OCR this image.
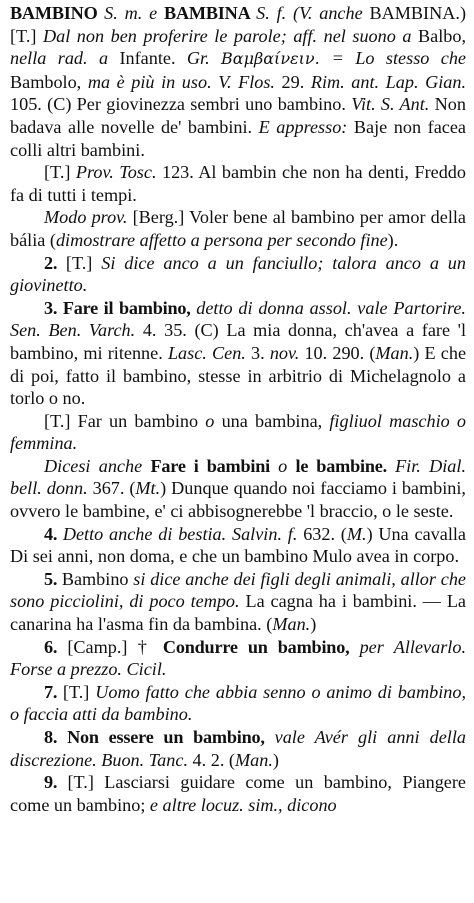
BAMBINO S. m. e BAMBINA S. f. (V. anche BAMBINA.) [T.] Dal non ben proferire le parole; aff. nel suono a Balbo, nella rad. a Infante. Gr. Βαμβαίνειν. = Lo stesso che Bambolo, ma è più in uso. V. Flos. 29. Rim. ant. Lap. Gian. 105. (C) Per giovinezza sembri uno bambino. Vit. S. Ant. Non badava alle novelle de' bambini. E appresso: Baje non facea colli altri bambini.

[T.] Prov. Tosc. 123. Al bambin che non ha denti, Freddo fa di tutti i tempi.

Modo prov. [Berg.] Voler bene al bambino per amor della bália (dimostrare affetto a persona per secondo fine).

2. [T.] Si dice anco a un fanciullo; talora anco a un giovinetto.

3. Fare il bambino, detto di donna assol. vale Partorire. Sen. Ben. Varch. 4. 35. (C) La mia donna, ch'avea a fare 'l bambino, mi ritenne. Lasc. Cen. 3. nov. 10. 290. (Man.) E che di poi, fatto il bambino, stesse in arbitrio di Michelagnolo a torlo o no.

[T.] Far un bambino o una bambina, figliuol maschio o femmina.

Dicesi anche Fare i bambini o le bambine. Fir. Dial. bell. donn. 367. (Mt.) Dunque quando noi facciamo i bambini, ovvero le bambine, e' ci abbisognerebbe 'l braccio, o le seste.

4. Detto anche di bestia. Salvin. f. 632. (M.) Una cavalla Di sei anni, non doma, e che un bambino Mulo avea in corpo.

5. Bambino si dice anche dei figli degli animali, allor che sono picciolini, di poco tempo. La cagna ha i bambini. — La canarina ha l'asma fin da bambina. (Man.)

6. [Camp.] † Condurre un bambino, per Allevarlo. Forse a prezzo. Cicil.

7. [T.] Uomo fatto che abbia senno o animo di bambino, o faccia atti da bambino.

8. Non essere un bambino, vale Avér gli anni della discrezione. Buon. Tanc. 4. 2. (Man.)

9. [T.] Lasciarsi guidare come un bambino, Piangere come un bambino; e altre locuz. sim., dicono
